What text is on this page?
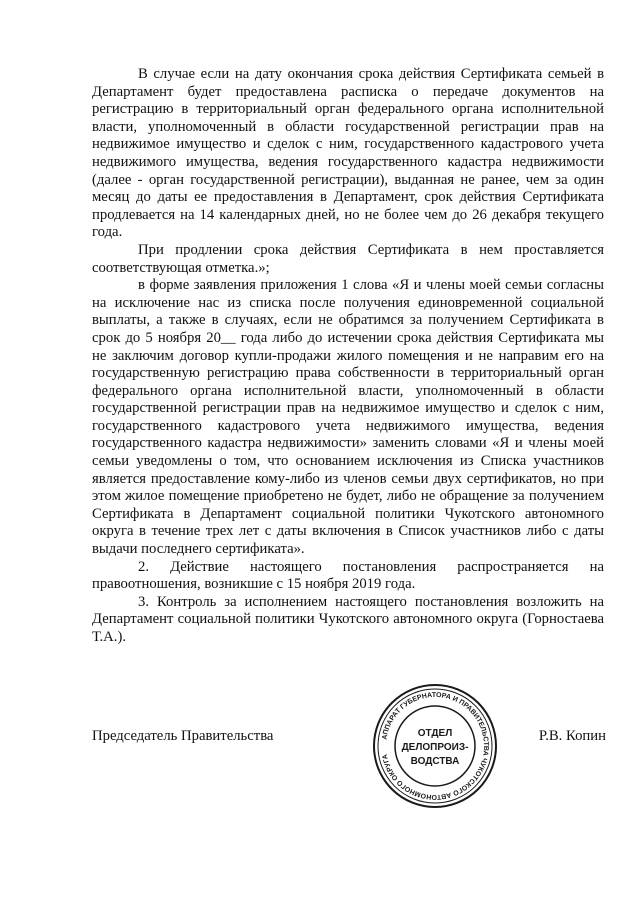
В случае если на дату окончания срока действия Сертификата семьей в Департамент будет предоставлена расписка о передаче документов на регистрацию в территориальный орган федерального органа исполнительной власти, уполномоченный в области государственной регистрации прав на недвижимое имущество и сделок с ним, государственного кадастрового учета недвижимого имущества, ведения государственного кадастра недвижимости (далее - орган государственной регистрации), выданная не ранее, чем за один месяц до даты ее предоставления в Департамент, срок действия Сертификата продлевается на 14 календарных дней, но не более чем до 26 декабря текущего года.

При продлении срока действия Сертификата в нем проставляется соответствующая отметка.»;

в форме заявления приложения 1 слова «Я и члены моей семьи согласны на исключение нас из списка после получения единовременной социальной выплаты, а также в случаях, если не обратимся за получением Сертификата в срок до 5 ноября 20__ года либо до истечении срока действия Сертификата мы не заключим договор купли-продажи жилого помещения и не направим его на государственную регистрацию права собственности в территориальный орган федерального органа исполнительной власти, уполномоченный в области государственной регистрации прав на недвижимое имущество и сделок с ним, государственного кадастрового учета недвижимого имущества, ведения государственного кадастра недвижимости» заменить словами «Я и члены моей семьи уведомлены о том, что основанием исключения из Списка участников является предоставление кому-либо из членов семьи двух сертификатов, но при этом жилое помещение приобретено не будет, либо не обращение за получением Сертификата в Департамент социальной политики Чукотского автономного округа в течение трех лет с даты включения в Список участников либо с даты выдачи последнего сертификата».

2. Действие настоящего постановления распространяется на правоотношения, возникшие с 15 ноября 2019 года.

3. Контроль за исполнением настоящего постановления возложить на Департамент социальной политики Чукотского автономного округа (Горностаева Т.А.).

Председатель Правительства	Р.В. Копин
АППАРАТ ГУБЕРНАТОРА И ПРАВИТЕЛЬСТВА ЧУКОТСКОГО АВТОНОМНОГО ОКРУГА
ОТДЕЛ
ДЕЛОПРОИЗ-
ВОДСТВА
